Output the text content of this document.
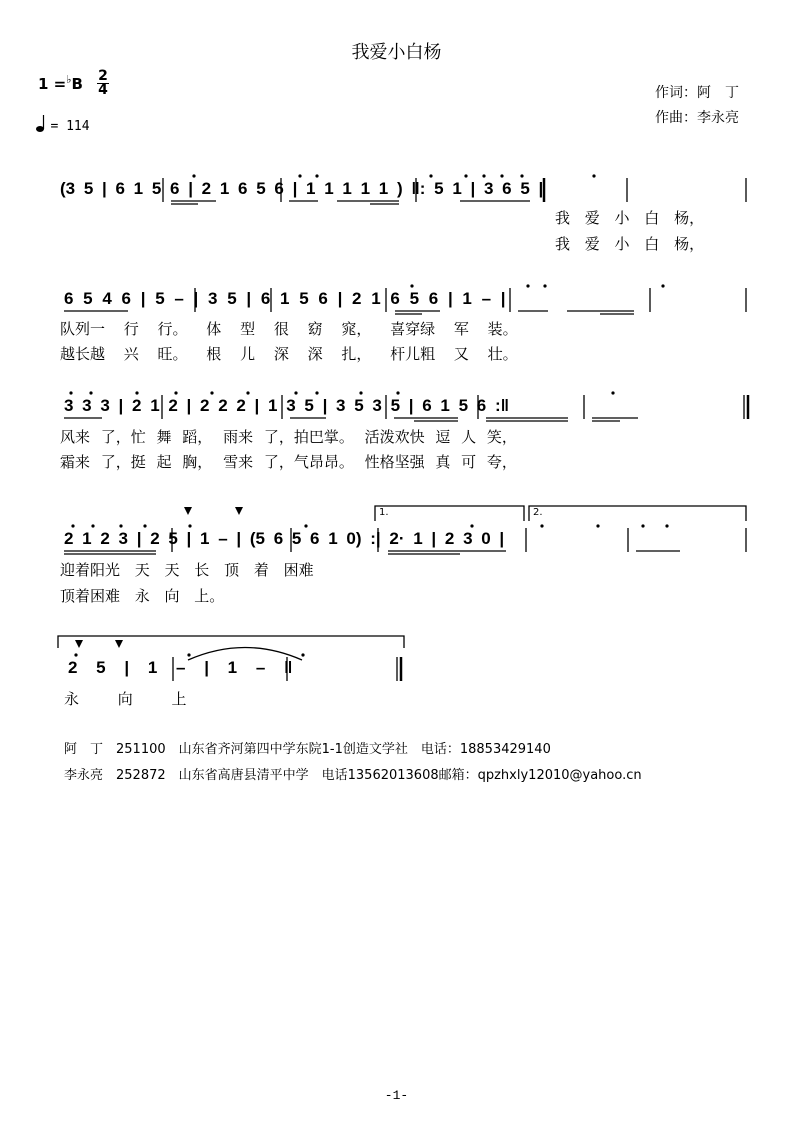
我爱小白杨
1 =♭B 2
4
= 114
作词：阿　丁
作曲：李永亮
(3 5 | 6 1 5 6 | 2 1 6 5 6 | 1 1 1 1 1 ) ‖: 5 1 | 3 6 5 |
我 爱 小 白 杨，
我 爱 小 白 杨，
6 5 4 6 | 5 – | 3 5 | 6 1 5 6 | 2 1 6 5 6 | 1 – |
队列一 行 行。 体 型 很 窈 窕， 喜穿绿 军 装。
越长越 兴 旺。 根 儿 深 深 扎， 杆儿粗 又 壮。
3 3 3 | 2 1 2 | 2 2 2 | 1 3 5 | 3 5 3 5 | 6 1 5 6 :‖
风来 了，忙 舞 蹈， 雨来 了，拍巴掌。 活泼欢快 逗 人 笑，
霜来 了，挺 起 胸， 雪来 了，气昂昂。 性格坚强 真 可 夸，
1.	2.
2 1 2 3 | 2 5 | 1 – | (5 6 5 6 1 0) :| 2· 1 | 2 3 0 |
迎着阳光 天 天 长 顶 着 困难
顶着困难 永 向 上。
2 5 | 1 – | 1 – ‖
永 向 上
阿　丁　251100　山东省齐河第四中学东院1-1创造文学社　电话：18853429140
李永亮　252872　山东省高唐县清平中学　电话13562013608邮箱：qpzhxly12010@yahoo.cn
-1-
